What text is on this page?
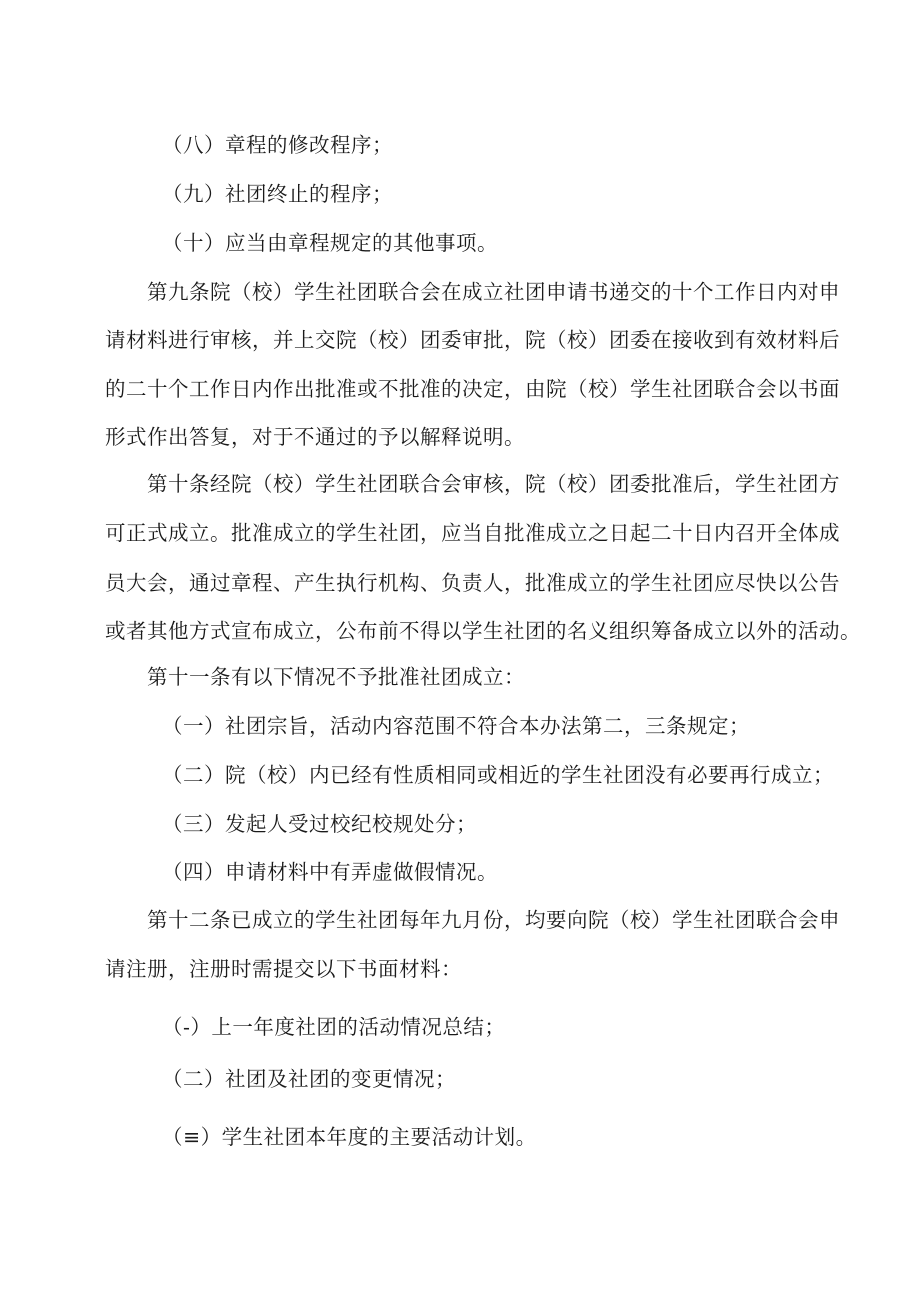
（八）章程的修改程序；
（九）社团终止的程序；
（十）应当由章程规定的其他事项。
第九条院（校）学生社团联合会在成立社团申请书递交的十个工作日内对申
请材料进行审核，并上交院（校）团委审批，院（校）团委在接收到有效材料后
的二十个工作日内作出批准或不批准的决定，由院（校）学生社团联合会以书面
形式作出答复，对于不通过的予以解释说明。
第十条经院（校）学生社团联合会审核，院（校）团委批准后，学生社团方
可正式成立。批准成立的学生社团，应当自批准成立之日起二十日内召开全体成
员大会，通过章程、产生执行机构、负责人，批准成立的学生社团应尽快以公告
或者其他方式宣布成立，公布前不得以学生社团的名义组织筹备成立以外的活动。
第十一条有以下情况不予批准社团成立：
（一）社团宗旨，活动内容范围不符合本办法第二，三条规定；
（二）院（校）内已经有性质相同或相近的学生社团没有必要再行成立；
（三）发起人受过校纪校规处分；
（四）申请材料中有弄虚做假情况。
第十二条已成立的学生社团每年九月份，均要向院（校）学生社团联合会申
请注册，注册时需提交以下书面材料：
（-）上一年度社团的活动情况总结；
（二）社团及社团的变更情况；
（≡）学生社团本年度的主要活动计划。
